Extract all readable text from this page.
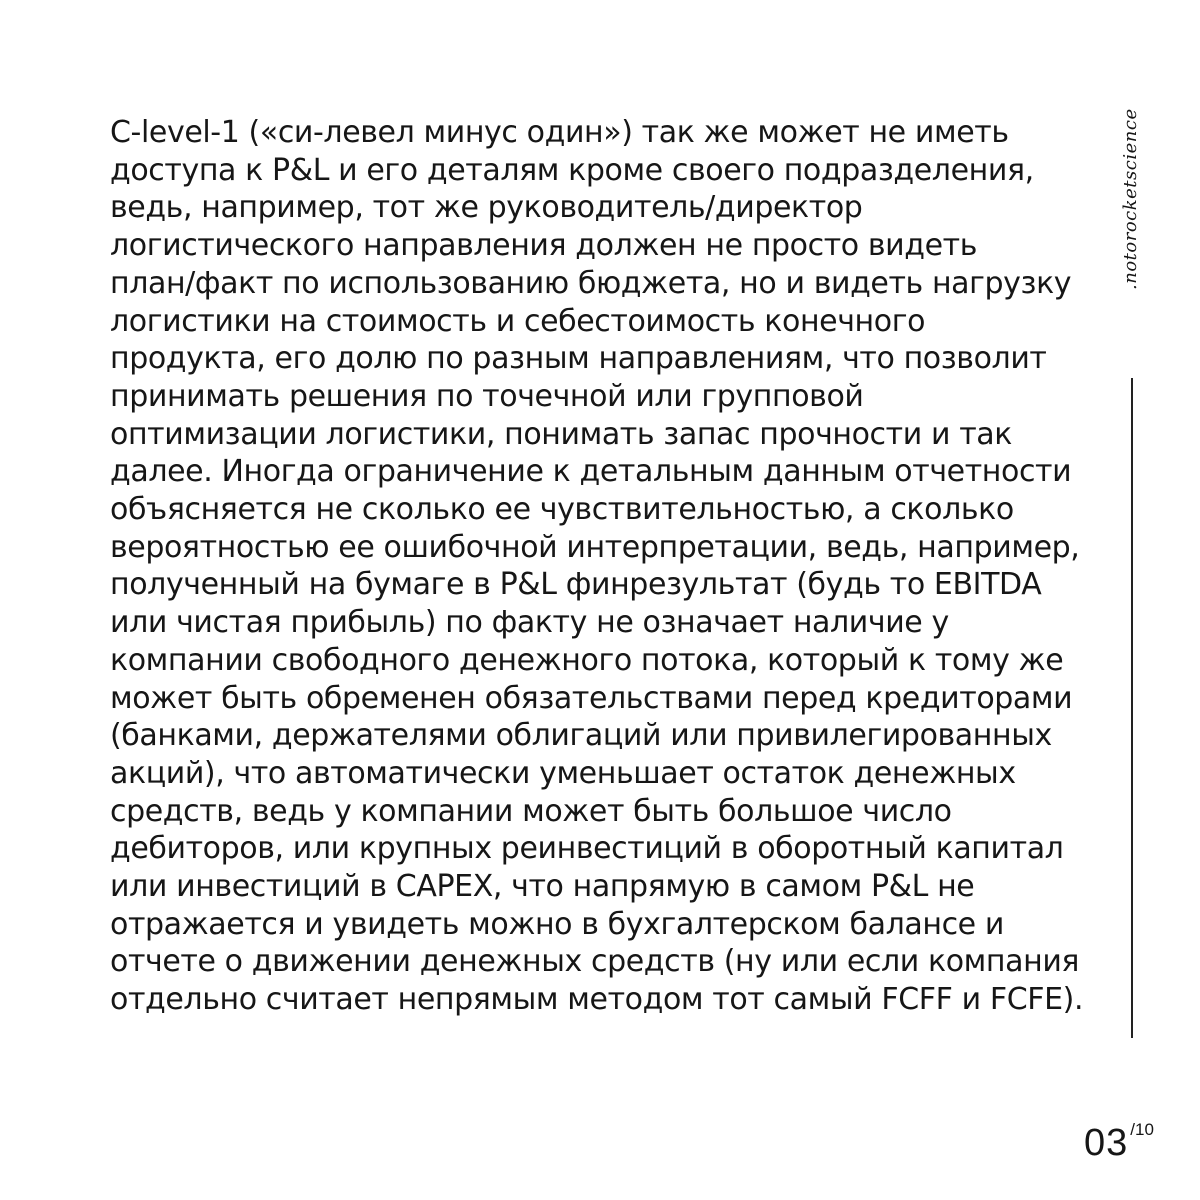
.notorocketscience

C-level-1 («си-левел минус один») так же может не иметь
доступа к P&L и его деталям кроме своего подразделения,
ведь, например, тот же руководитель/директор
логистического направления должен не просто видеть
план/факт по использованию бюджета, но и видеть нагрузку
логистики на стоимость и себестоимость конечного
продукта, его долю по разным направлениям, что позволит
принимать решения по точечной или групповой
оптимизации логистики, понимать запас прочности и так
далее. Иногда ограничение к детальным данным отчетности
объясняется не сколько ее чувствительностью, а сколько
вероятностью ее ошибочной интерпретации, ведь, например,
полученный на бумаге в P&L финрезультат (будь то EBITDA
или чистая прибыль) по факту не означает наличие у
компании свободного денежного потока, который к тому же
может быть обременен обязательствами перед кредиторами
(банками, держателями облигаций или привилегированных
акций), что автоматически уменьшает остаток денежных
средств, ведь у компании может быть большое число
дебиторов, или крупных реинвестиций в оборотный капитал
или инвестиций в CAPEX, что напрямую в самом P&L не
отражается и увидеть можно в бухгалтерском балансе и
отчете о движении денежных средств (ну или если компания
отдельно считает непрямым методом тот самый FCFF и FCFE).

03 /10
